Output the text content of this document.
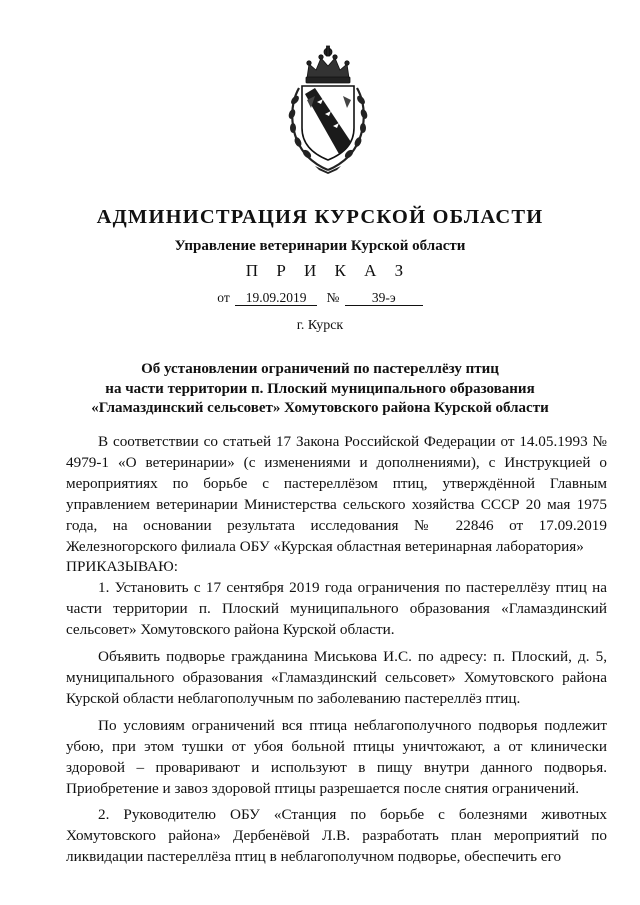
АДМИНИСТРАЦИЯ КУРСКОЙ ОБЛАСТИ
Управление ветеринарии Курской области
П Р И К А З
от 19.09.2019 № 39-э
г. Курск
Об установлении ограничений по пастереллёзу птиц
на части территории п. Плоский муниципального образования
«Гламаздинский сельсовет» Хомутовского района Курской области

В соответствии со статьей 17 Закона Российской Федерации от 14.05.1993 № 4979-1 «О ветеринарии» (с изменениями и дополнениями), с Инструкцией о мероприятиях по борьбе с пастереллёзом птиц, утверждённой Главным управлением ветеринарии Министерства сельского хозяйства СССР 20 мая 1975 года, на основании результата исследования № 22846 от 17.09.2019 Железногорского филиала ОБУ «Курская областная ветеринарная лаборатория»

ПРИКАЗЫВАЮ:

1. Установить с 17 сентября 2019 года ограничения по пастереллёзу птиц на части территории п. Плоский муниципального образования «Гламаздинский сельсовет» Хомутовского района Курской области.

Объявить подворье гражданина Миськова И.С. по адресу: п. Плоский, д. 5, муниципального образования «Гламаздинский сельсовет» Хомутовского района Курской области неблагополучным по заболеванию пастереллёз птиц.

По условиям ограничений вся птица неблагополучного подворья подлежит убою, при этом тушки от убоя больной птицы уничтожают, а от клинически здоровой – проваривают и используют в пищу внутри данного подворья. Приобретение и завоз здоровой птицы разрешается после снятия ограничений.

2. Руководителю ОБУ «Станция по борьбе с болезнями животных Хомутовского района» Дербенёвой Л.В. разработать план мероприятий по ликвидации пастереллёза птиц в неблагополучном подворье, обеспечить его
